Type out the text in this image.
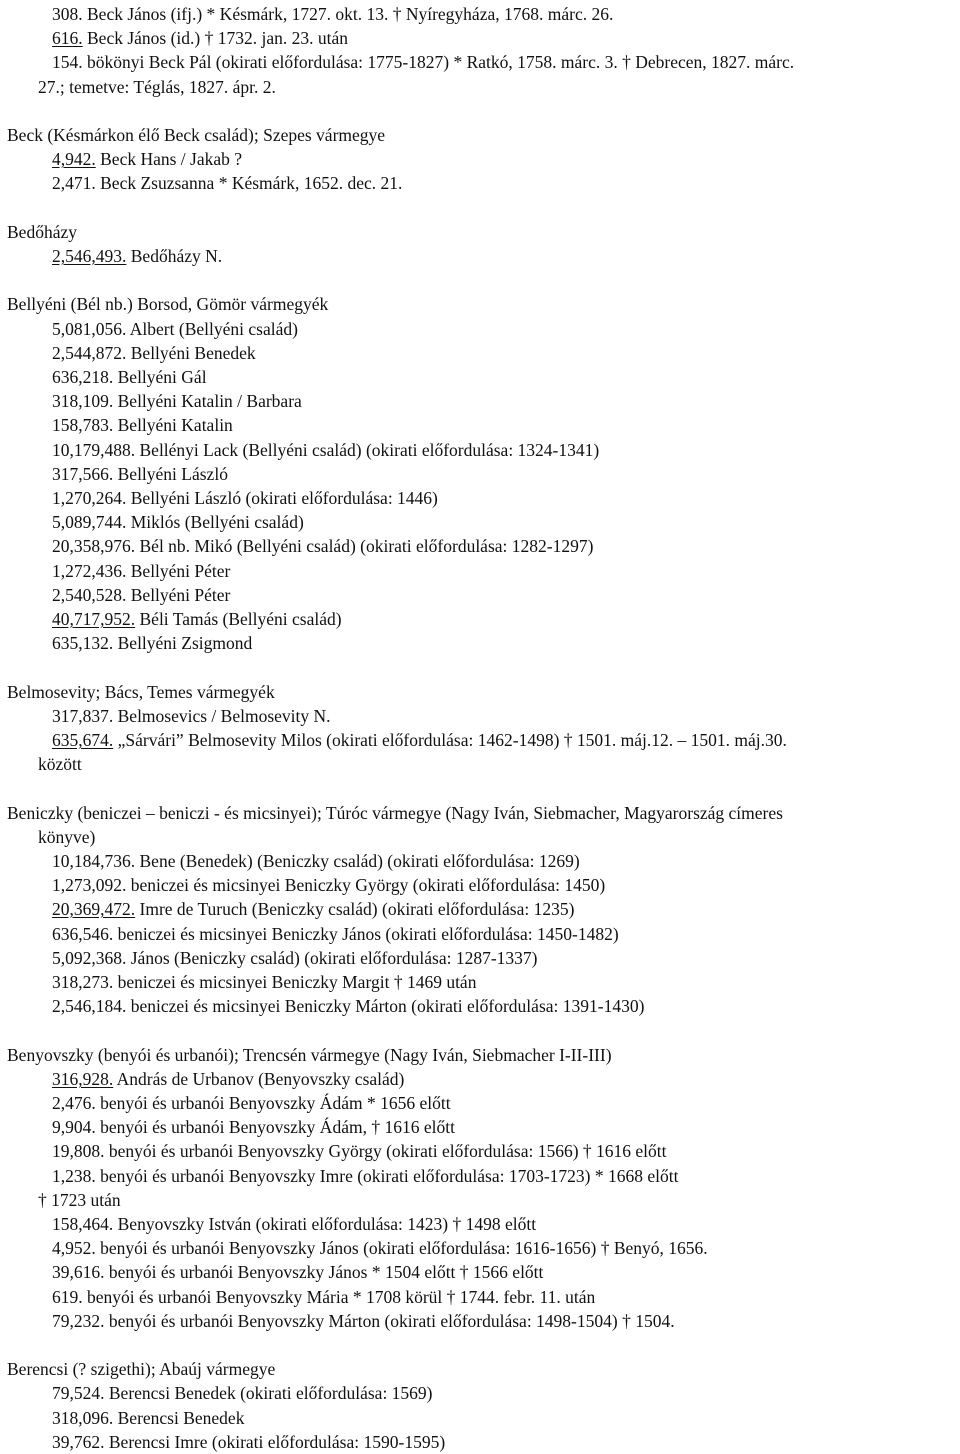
308. Beck János (ifj.) * Késmárk, 1727. okt. 13. † Nyíregyháza, 1768. márc. 26.
616. Beck János (id.) † 1732. jan. 23. után
154. bökönyi Beck Pál (okirati előfordulása: 1775-1827) * Ratkó, 1758. márc. 3. † Debrecen, 1827. márc.
27.; temetve: Téglás, 1827. ápr. 2.
Beck (Késmárkon élő Beck család); Szepes vármegye
4,942. Beck Hans / Jakab ?
2,471. Beck Zsuzsanna * Késmárk, 1652. dec. 21.
Bedőházy
2,546,493. Bedőházy N.
Bellyéni (Bél nb.) Borsod, Gömör vármegyék
5,081,056. Albert (Bellyéni család)
2,544,872. Bellyéni Benedek
636,218. Bellyéni Gál
318,109. Bellyéni Katalin / Barbara
158,783. Bellyéni Katalin
10,179,488. Bellényi Lack (Bellyéni család) (okirati előfordulása: 1324-1341)
317,566. Bellyéni László
1,270,264. Bellyéni László (okirati előfordulása: 1446)
5,089,744. Miklós (Bellyéni család)
20,358,976. Bél nb. Mikó (Bellyéni család) (okirati előfordulása: 1282-1297)
1,272,436. Bellyéni Péter
2,540,528. Bellyéni Péter
40,717,952. Béli Tamás (Bellyéni család)
635,132. Bellyéni Zsigmond
Belmosevity; Bács, Temes vármegyék
317,837. Belmosevics / Belmosevity N.
635,674. „Sárvári” Belmosevity Milos (okirati előfordulása: 1462-1498) † 1501. máj.12. – 1501. máj.30.
között
Beniczky (beniczei – beniczi - és micsinyei); Túróc vármegye (Nagy Iván, Siebmacher, Magyarország címeres
könyve)
10,184,736. Bene (Benedek) (Beniczky család) (okirati előfordulása: 1269)
1,273,092. beniczei és micsinyei Beniczky György (okirati előfordulása: 1450)
20,369,472. Imre de Turuch (Beniczky család) (okirati előfordulása: 1235)
636,546. beniczei és micsinyei Beniczky János (okirati előfordulása: 1450-1482)
5,092,368. János (Beniczky család) (okirati előfordulása: 1287-1337)
318,273. beniczei és micsinyei Beniczky Margit † 1469 után
2,546,184. beniczei és micsinyei Beniczky Márton (okirati előfordulása: 1391-1430)
Benyovszky (benyói és urbanói); Trencsén vármegye (Nagy Iván, Siebmacher I-II-III)
316,928. András de Urbanov (Benyovszky család)
2,476. benyói és urbanói Benyovszky Ádám * 1656 előtt
9,904. benyói és urbanói Benyovszky Ádám, † 1616 előtt
19,808. benyói és urbanói Benyovszky György (okirati előfordulása: 1566) † 1616 előtt
1,238. benyói és urbanói Benyovszky Imre (okirati előfordulása: 1703-1723) * 1668 előtt
† 1723 után
158,464. Benyovszky István (okirati előfordulása: 1423) † 1498 előtt
4,952. benyói és urbanói Benyovszky János (okirati előfordulása: 1616-1656) † Benyó, 1656.
39,616. benyói és urbanói Benyovszky János * 1504 előtt † 1566 előtt
619. benyói és urbanói Benyovszky Mária * 1708 körül † 1744. febr. 11. után
79,232. benyói és urbanói Benyovszky Márton (okirati előfordulása: 1498-1504) † 1504.
Berencsi (? szigethi); Abaúj vármegye
79,524. Berencsi Benedek (okirati előfordulása: 1569)
318,096. Berencsi Benedek
39,762. Berencsi Imre (okirati előfordulása: 1590-1595)
